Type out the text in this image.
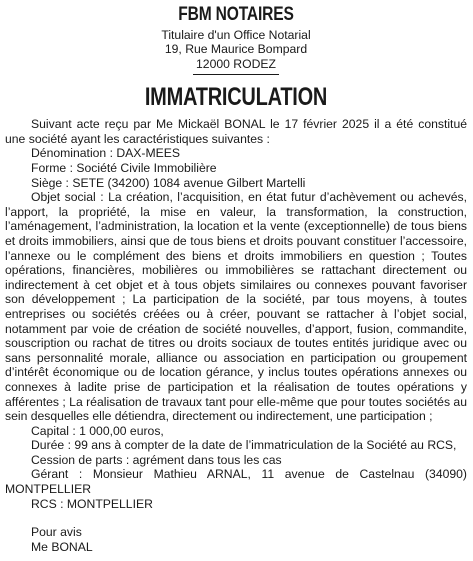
FBM NOTAIRES
Titulaire d'un Office Notarial
19, Rue Maurice Bompard
12000 RODEZ
IMMATRICULATION

Suivant acte reçu par Me Mickaël BONAL le 17 février 2025 il a été constitué une société ayant les caractéristiques suivantes :

Dénomination : DAX-MEES

Forme : Société Civile Immobilière

Siège : SETE (34200) 1084 avenue Gilbert Martelli

Objet social : La création, l’acquisition, en état futur d’achèvement ou achevés, l’apport, la propriété, la mise en valeur, la transformation, la construction, l’aménagement, l’administration, la location et la vente (exceptionnelle) de tous biens et droits immobiliers, ainsi que de tous biens et droits pouvant constituer l’accessoire, l’annexe ou le complément des biens et droits immobiliers en question ; Toutes opérations, financières, mobilières ou immobilières se rattachant directement ou indirectement à cet objet et à tous objets similaires ou connexes pouvant favoriser son développement ; La participation de la société, par tous moyens, à toutes entreprises ou sociétés créées ou à créer, pouvant se rattacher à l’objet social, notamment par voie de création de société nouvelles, d’apport, fusion, commandite, souscription ou rachat de titres ou droits sociaux de toutes entités juridique avec ou sans personnalité morale, alliance ou association en participation ou groupement d’intérêt économique ou de location gérance, y inclus toutes opérations annexes ou connexes à ladite prise de participation et la réalisation de toutes opérations y afférentes ; La réalisation de travaux tant pour elle-même que pour toutes sociétés au sein desquelles elle détiendra, directement ou indirectement, une participation ;

Capital : 1 000,00 euros,

Durée : 99 ans à compter de la date de l’immatriculation de la Société au RCS,

Cession de parts : agrément dans tous les cas

Gérant : Monsieur Mathieu ARNAL, 11 avenue de Castelnau (34090) MONTPELLIER

RCS : MONTPELLIER

Pour avis

Me BONAL
